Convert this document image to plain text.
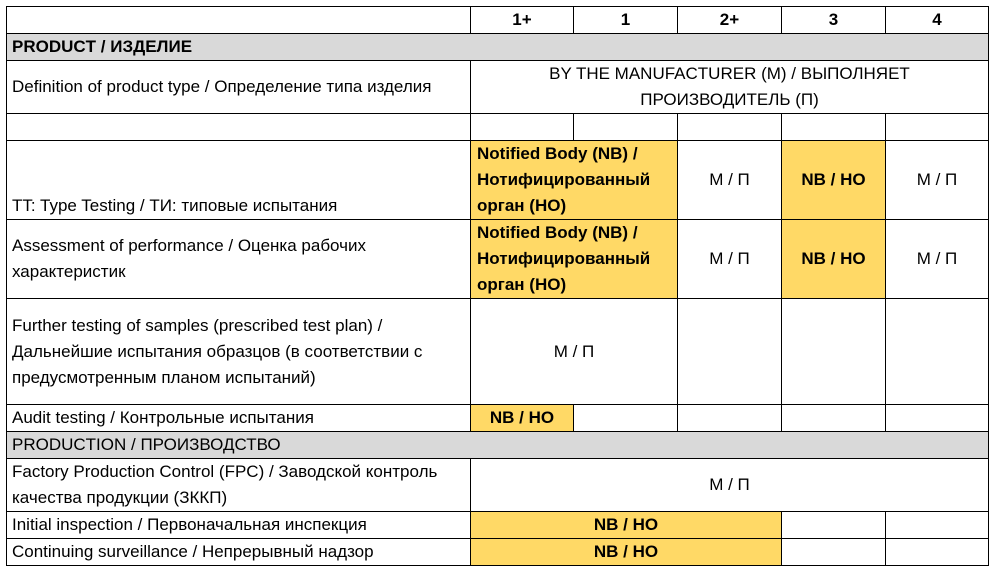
	1+	1	2+	3	4
PRODUCT / ИЗДЕЛИЕ					
Definition of product type / Определение типа изделия	BY THE MANUFACTURER (M) / ВЫПОЛНЯЕТ ПРОИЗВОДИТЕЛЬ (П)				

TT: Type Testing / ТИ: типовые испытания	Notified Body (NB) / Нотифицированный орган (НО)		M / П	NB / НО	M / П
Assessment of performance / Оценка рабочих характеристик	Notified Body (NB) / Нотифицированный орган (НО)		M / П	NB / НО	M / П
Further testing of samples (prescribed test plan) / Дальнейшие испытания образцов (в соответствии с предусмотренным планом испытаний)	M / П				
Audit testing / Контрольные испытания	NB / НО				
PRODUCTION / ПРОИЗВОДСТВО					
Factory Production Control (FPC) / Заводской контроль качества продукции (ЗККП)	M / П				
Initial inspection / Первоначальная инспекция	NB / НО				
Continuing surveillance / Непрерывный надзор	NB / НО				
